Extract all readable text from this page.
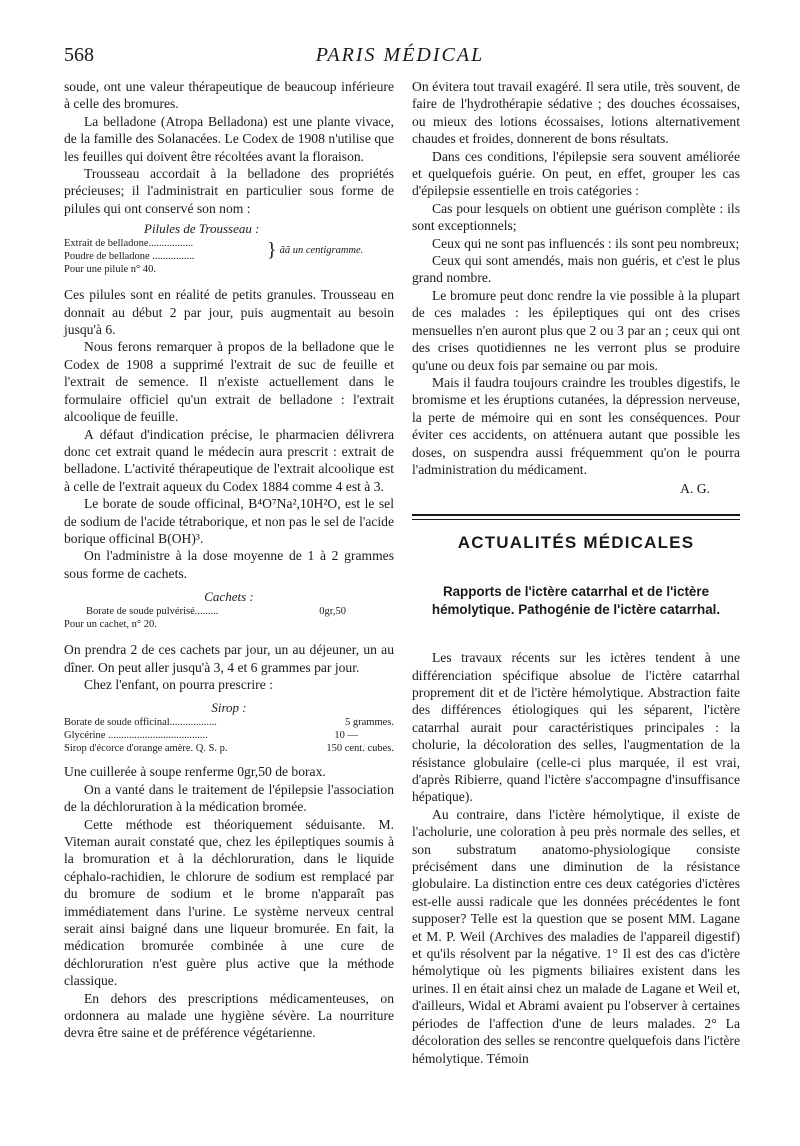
568	PARIS MÉDICAL

soude, ont une valeur thérapeutique de beaucoup inférieure à celle des bromures.

La belladone (Atropa Belladona) est une plante vivace, de la famille des Solanacées. Le Codex de 1908 n'utilise que les feuilles qui doivent être récoltées avant la floraison.

Trousseau accordait à la belladone des propriétés précieuses; il l'administrait en particulier sous forme de pilules qui ont conservé son nom :

Pilules de Trousseau :

Extrait de belladone.................
Poudre de belladone ................	} ãã un centigramme.
Pour une pilule n° 40.

Ces pilules sont en réalité de petits granules. Trousseau en donnait au début 2 par jour, puis augmentait au besoin jusqu'à 6.

Nous ferons remarquer à propos de la belladone que le Codex de 1908 a supprimé l'extrait de suc de feuille et l'extrait de semence. Il n'existe actuellement dans le formulaire officiel qu'un extrait de belladone : l'extrait alcoolique de feuille.

A défaut d'indication précise, le pharmacien délivrera donc cet extrait quand le médecin aura prescrit : extrait de belladone. L'activité thérapeutique de l'extrait alcoolique est à celle de l'extrait aqueux du Codex 1884 comme 4 est à 3.

Le borate de soude officinal, B⁴O⁷Na²,10H²O, est le sel de sodium de l'acide tétraborique, et non pas le sel de l'acide borique officinal B(OH)³.

On l'administre à la dose moyenne de 1 à 2 grammes sous forme de cachets.

Cachets :

Borate de soude pulvérisé.........	0gr,50
Pour un cachet, n° 20.

On prendra 2 de ces cachets par jour, un au déjeuner, un au dîner. On peut aller jusqu'à 3, 4 et 6 grammes par jour.

Chez l'enfant, on pourra prescrire :

Sirop :

Borate de soude officinal..................	5 grammes.
Glycérine ......................................	10 —
Sirop d'écorce d'orange amère. Q. S. p.	150 cent. cubes.

Une cuillerée à soupe renferme 0gr,50 de borax.

On a vanté dans le traitement de l'épilepsie l'association de la déchloruration à la médication bromée.

Cette méthode est théoriquement séduisante. M. Viteman aurait constaté que, chez les épileptiques soumis à la bromuration et à la déchloruration, dans le liquide céphalo-rachidien, le chlorure de sodium est remplacé par du bromure de sodium et le brome n'apparaît pas immédiatement dans l'urine. Le système nerveux central serait ainsi baigné dans une liqueur bromurée. En fait, la médication bromurée combinée à une cure de déchloruration n'est guère plus active que la méthode classique.

En dehors des prescriptions médicamenteuses, on ordonnera au malade une hygiène sévère. La nourriture devra être saine et de préférence végétarienne.

On évitera tout travail exagéré. Il sera utile, très souvent, de faire de l'hydrothérapie sédative ; des douches écossaises, ou mieux des lotions écossaises, lotions alternativement chaudes et froides, donnerent de bons résultats.

Dans ces conditions, l'épilepsie sera souvent améliorée et quelquefois guérie. On peut, en effet, grouper les cas d'épilepsie essentielle en trois catégories :

Cas pour lesquels on obtient une guérison complète : ils sont exceptionnels;

Ceux qui ne sont pas influencés : ils sont peu nombreux;

Ceux qui sont amendés, mais non guéris, et c'est le plus grand nombre.

Le bromure peut donc rendre la vie possible à la plupart de ces malades : les épileptiques qui ont des crises mensuelles n'en auront plus que 2 ou 3 par an ; ceux qui ont des crises quotidiennes ne les verront plus se produire qu'une ou deux fois par semaine ou par mois.

Mais il faudra toujours craindre les troubles digestifs, le bromisme et les éruptions cutanées, la dépression nerveuse, la perte de mémoire qui en sont les conséquences. Pour éviter ces accidents, on atténuera autant que possible les doses, on suspendra aussi fréquemment qu'on le pourra l'administration du médicament.

A. G.

ACTUALITÉS MÉDICALES

Rapports de l'ictère catarrhal et de l'ictère hémolytique. Pathogénie de l'ictère catarrhal.

Les travaux récents sur les ictères tendent à une différenciation spécifique absolue de l'ictère catarrhal proprement dit et de l'ictère hémolytique. Abstraction faite des différences étiologiques qui les séparent, l'ictère catarrhal aurait pour caractéristiques principales : la cholurie, la décoloration des selles, l'augmentation de la résistance globulaire (celle-ci plus marquée, il est vrai, d'après Ribierre, quand l'ictère s'accompagne d'insuffisance hépatique).

Au contraire, dans l'ictère hémolytique, il existe de l'acholurie, une coloration à peu près normale des selles, et son substratum anatomo-physiologique consiste précisément dans une diminution de la résistance globulaire. La distinction entre ces deux catégories d'ictères est-elle aussi radicale que les données précédentes le font supposer? Telle est la question que se posent MM. Lagane et M. P. Weil (Archives des maladies de l'appareil digestif) et qu'ils résolvent par la négative. 1° Il est des cas d'ictère hémolytique où les pigments biliaires existent dans les urines. Il en était ainsi chez un malade de Lagane et Weil et, d'ailleurs, Widal et Abrami avaient pu l'observer à certaines périodes de l'affection d'une de leurs malades. 2° La décoloration des selles se rencontre quelquefois dans l'ictère hémolytique. Témoin
